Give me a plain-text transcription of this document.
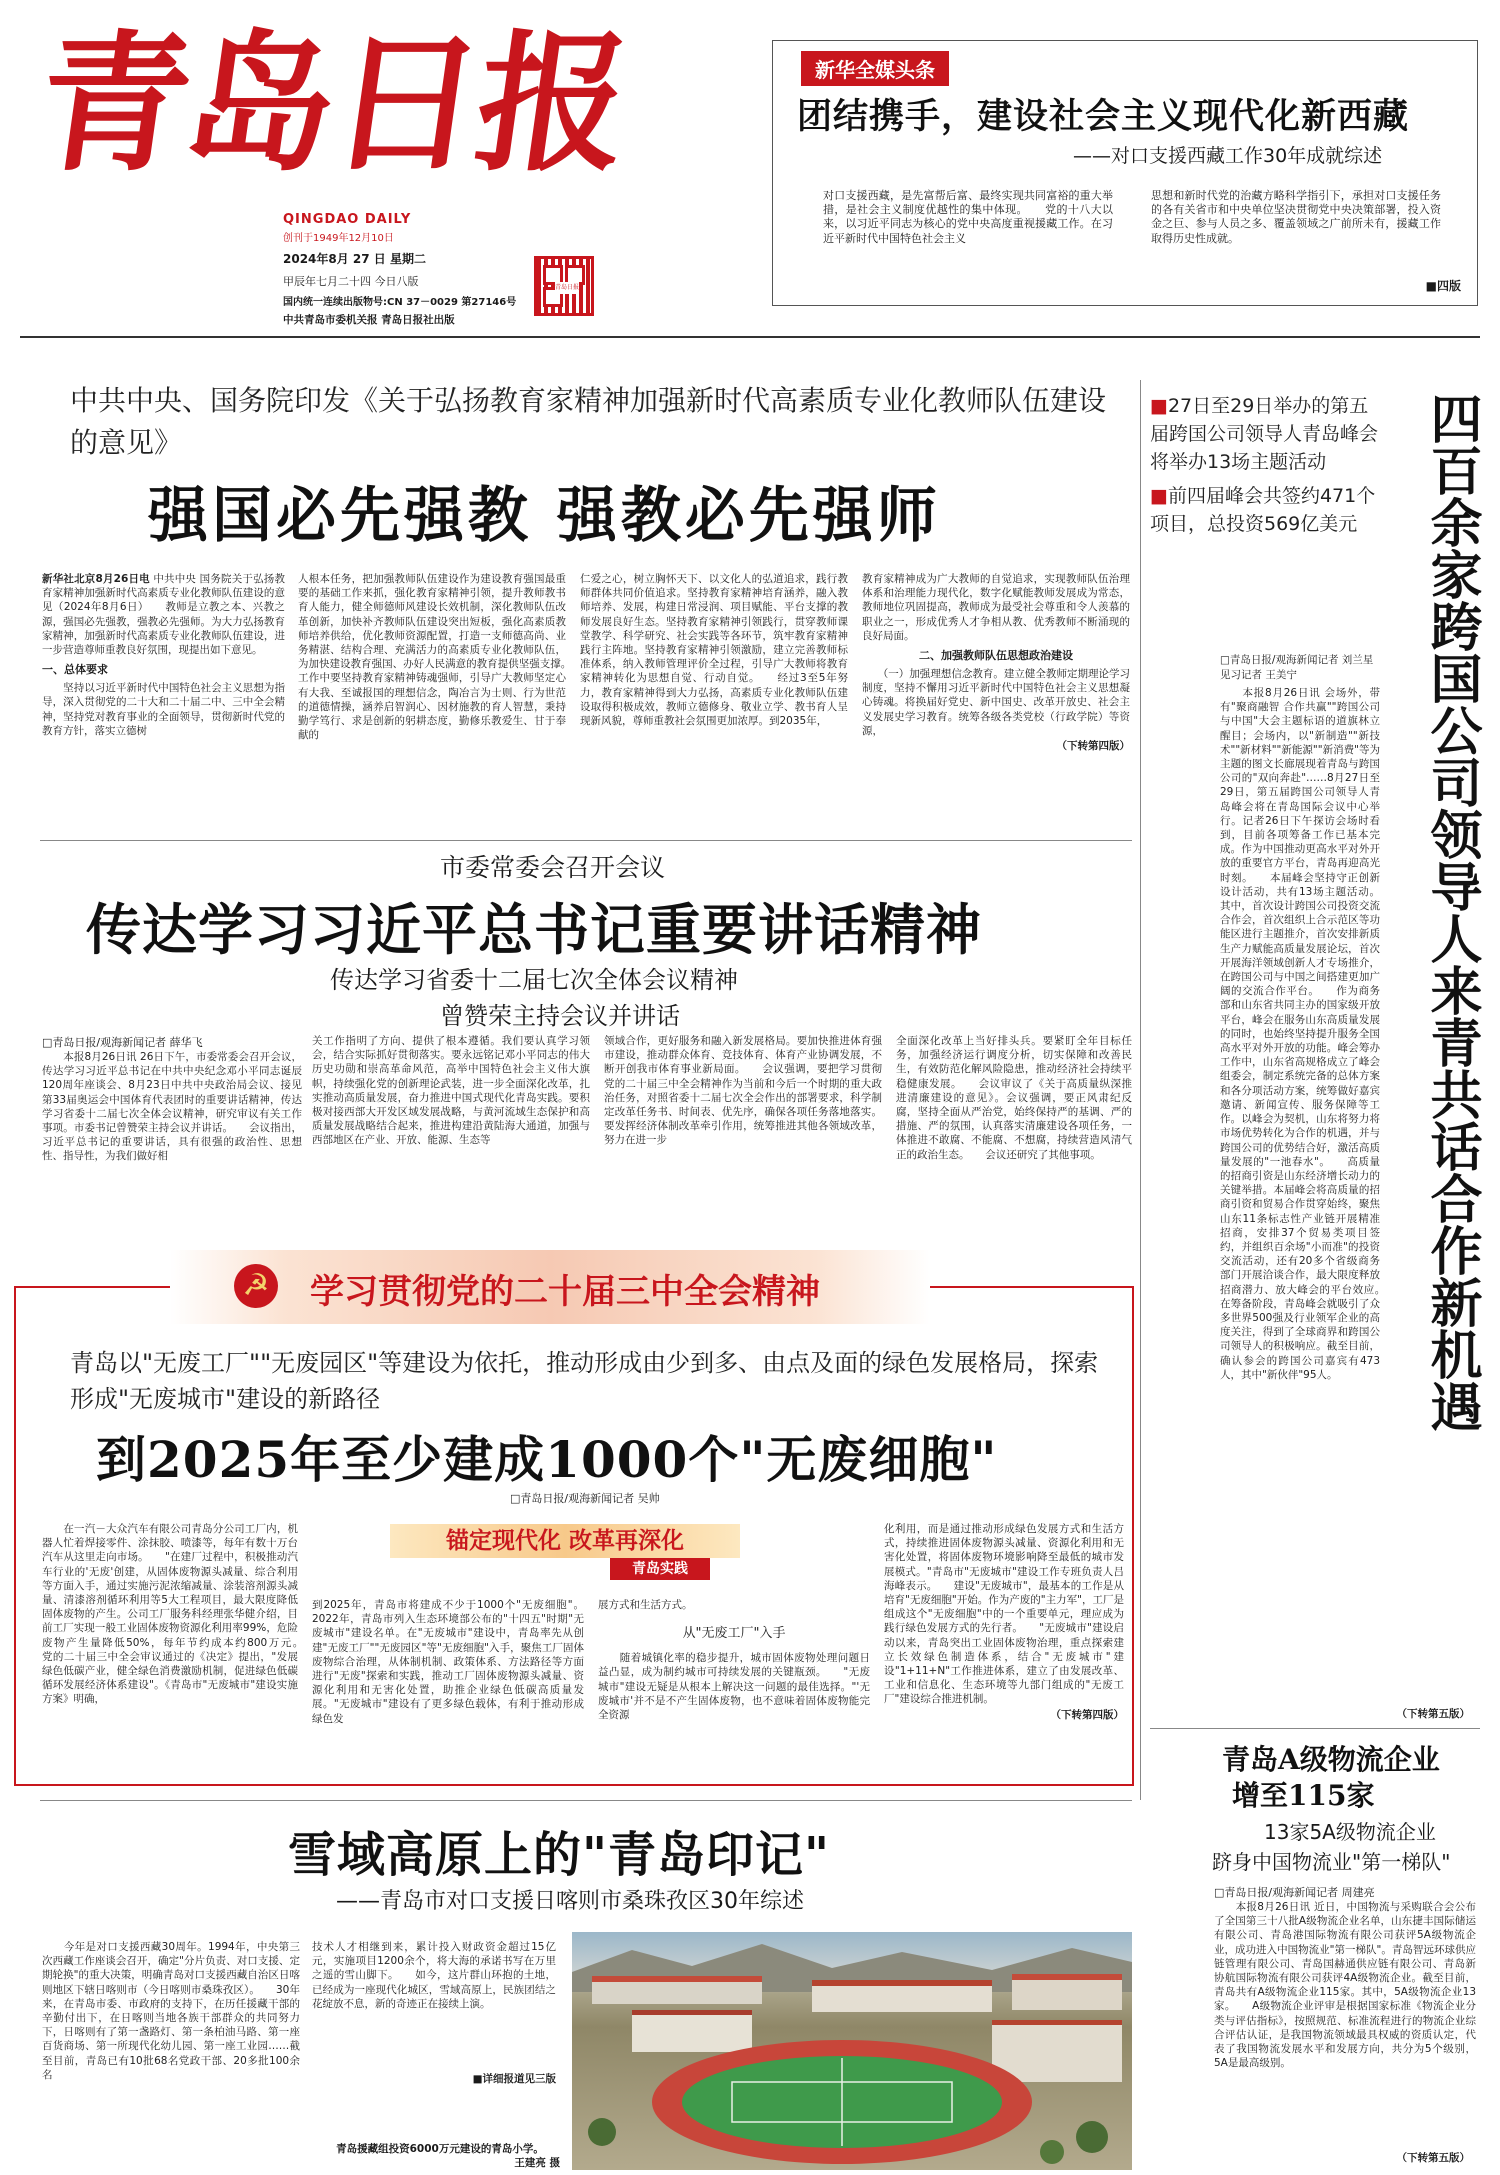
青岛日报
QINGDAO DAILY
创刊于1949年12月10日
2024年8月 27 日 星期二
甲辰年七月二十四 今日八版
国内统一连续出版物号:CN 37－0029 第27146号
中共青岛市委机关报 青岛日报社出版
青岛日报
新华全媒头条
团结携手，建设社会主义现代化新西藏
——对口支援西藏工作30年成就综述

对口支援西藏，是先富帮后富、最终实现共同富裕的重大举措，是社会主义制度优越性的集中体现。　　党的十八大以来，以习近平同志为核心的党中央高度重视援藏工作。在习近平新时代中国特色社会主义

思想和新时代党的治藏方略科学指引下，承担对口支援任务的各有关省市和中央单位坚决贯彻党中央决策部署，投入资金之巨、参与人员之多、覆盖领域之广前所未有，援藏工作取得历史性成就。

■四版
中共中央、国务院印发《关于弘扬教育家精神加强新时代高素质专业化教师队伍建设的意见》
强国必先强教 强教必先强师

新华社北京8月26日电 中共中央 国务院关于弘扬教育家精神加强新时代高素质专业化教师队伍建设的意见（2024年8月6日）　　教师是立教之本、兴教之源，强国必先强教，强教必先强师。为大力弘扬教育家精神，加强新时代高素质专业化教师队伍建设，进一步营造尊师重教良好氛围，现提出如下意见。

一、总体要求

　　坚持以习近平新时代中国特色社会主义思想为指导，深入贯彻党的二十大和二十届二中、三中全会精神，坚持党对教育事业的全面领导，贯彻新时代党的教育方针，落实立德树

人根本任务，把加强教师队伍建设作为建设教育强国最重要的基础工作来抓，强化教育家精神引领，提升教师教书育人能力，健全师德师风建设长效机制，深化教师队伍改革创新，加快补齐教师队伍建设突出短板，强化高素质教师培养供给，优化教师资源配置，打造一支师德高尚、业务精湛、结构合理、充满活力的高素质专业化教师队伍，为加快建设教育强国、办好人民满意的教育提供坚强支撑。　　工作中要坚持教育家精神铸魂强师，引导广大教师坚定心有大我、至诚报国的理想信念，陶冶言为士则、行为世范的道德情操，涵养启智润心、因材施教的育人智慧，秉持勤学笃行、求是创新的躬耕态度，勤修乐教爱生、甘于奉献的

仁爱之心，树立胸怀天下、以文化人的弘道追求，践行教师群体共同价值追求。坚持教育家精神培育涵养，融入教师培养、发展，构建日常浸润、项目赋能、平台支撑的教师发展良好生态。坚持教育家精神引领践行，贯穿教师课堂教学、科学研究、社会实践等各环节，筑牢教育家精神践行主阵地。坚持教育家精神引领激励，建立完善教师标准体系，纳入教师管理评价全过程，引导广大教师将教育家精神转化为思想自觉、行动自觉。　　经过3至5年努力，教育家精神得到大力弘扬，高素质专业化教师队伍建设取得积极成效，教师立德修身、敬业立学、教书育人呈现新风貌，尊师重教社会氛围更加浓厚。到2035年，

教育家精神成为广大教师的自觉追求，实现教师队伍治理体系和治理能力现代化，数字化赋能教师发展成为常态，教师地位巩固提高，教师成为最受社会尊重和令人羡慕的职业之一，形成优秀人才争相从教、优秀教师不断涌现的良好局面。

二、加强教师队伍思想政治建设

　　（一）加强理想信念教育。建立健全教师定期理论学习制度，坚持不懈用习近平新时代中国特色社会主义思想凝心铸魂。将换届好党史、新中国史、改革开放史、社会主义发展史学习教育。统筹各级各类党校（行政学院）等资源，

（下转第四版）
■27日至29日举办的第五届跨国公司领导人青岛峰会将举办13场主题活动
■前四届峰会共签约471个项目，总投资569亿美元	四百余家跨国公司领导人来青共话合作新机遇
□青岛日报/观海新闻记者 刘兰星 见习记者 王美宁

　　本报8月26日讯 会场外，带有"聚商融智 合作共赢""跨国公司与中国"大会主题标语的道旗林立醒目；会场内，以"新制造""新技术""新材料""新能源""新消费"等为主题的图文长廊展现着青岛与跨国公司的"双向奔赴"……8月27日至29日，第五届跨国公司领导人青岛峰会将在青岛国际会议中心举行。记者26日下午探访会场时看到，目前各项筹备工作已基本完成。作为中国推动更高水平对外开放的重要官方平台，青岛再迎高光时刻。　　本届峰会坚持守正创新设计活动，共有13场主题活动。其中，首次设计跨国公司投资交流合作会，首次组织上合示范区等功能区进行主题推介，首次安排新质生产力赋能高质量发展论坛，首次开展海洋领域创新人才专场推介，在跨国公司与中国之间搭建更加广阔的交流合作平台。　　作为商务部和山东省共同主办的国家级开放平台，峰会在服务山东高质量发展的同时，也始终坚持提升服务全国高水平对外开放的功能。峰会筹办工作中，山东省高规格成立了峰会组委会，制定系统完备的总体方案和各分项活动方案，统筹做好嘉宾邀请、新闻宣传、服务保障等工作。以峰会为契机，山东将努力将市场优势转化为合作的机遇，并与跨国公司的优势结合好，激活高质量发展的"一池春水"。　　高质量的招商引资是山东经济增长动力的关键举措。本届峰会将高质量的招商引资和贸易合作贯穿始终，聚焦山东11条标志性产业链开展精准招商，安排37个贸易类项目签约，并组织百余场"小而准"的投资交流活动，还有20多个省级商务部门开展洽谈合作，最大限度释放招商潜力、放大峰会的平台效应。　　在筹备阶段，青岛峰会就吸引了众多世界500强及行业领军企业的高度关注，得到了全球商界和跨国公司领导人的积极响应。截至目前，确认参会的跨国公司嘉宾有473人，其中"新伙伴"95人。

（下转第五版）
市委常委会召开会议
传达学习习近平总书记重要讲话精神
传达学习省委十二届七次全体会议精神
曾赞荣主持会议并讲话
□青岛日报/观海新闻记者 薛华飞

　　本报8月26日讯 26日下午，市委常委会召开会议，传达学习习近平总书记在中共中央纪念邓小平同志诞辰120周年座谈会、8月23日中共中央政治局会议、接见第33届奥运会中国体育代表团时的重要讲话精神，传达学习省委十二届七次全体会议精神，研究审议有关工作事项。市委书记曾赞荣主持会议并讲话。　　会议指出，习近平总书记的重要讲话，具有很强的政治性、思想性、指导性，为我们做好相

关工作指明了方向、提供了根本遵循。我们要认真学习领会，结合实际抓好贯彻落实。要永远铭记邓小平同志的伟大历史功勋和崇高革命风范，高举中国特色社会主义伟大旗帜，持续强化党的创新理论武装，进一步全面深化改革，扎实推动高质量发展，奋力推进中国式现代化青岛实践。要积极对接西部大开发区域发展战略，与黄河流域生态保护和高质量发展战略结合起来，推进构建沿黄陆海大通道，加强与西部地区在产业、开放、能源、生态等

领域合作，更好服务和融入新发展格局。要加快推进体育强市建设，推动群众体育、竞技体育、体育产业协调发展，不断开创我市体育事业新局面。　　会议强调，要把学习贯彻党的二十届三中全会精神作为当前和今后一个时期的重大政治任务，对照省委十二届七次全会作出的部署要求，科学制定改革任务书、时间表、优先序，确保各项任务落地落实。要发挥经济体制改革牵引作用，统筹推进其他各领域改革，努力在进一步

全面深化改革上当好排头兵。要紧盯全年目标任务，加强经济运行调度分析，切实保障和改善民生，有效防范化解风险隐患，推动经济社会持续平稳健康发展。　　会议审议了《关于高质量纵深推进清廉建设的意见》。会议强调，要正风肃纪反腐，坚持全面从严治党，始终保持严的基调、严的措施、严的氛围，认真落实清廉建设各项任务，一体推进不敢腐、不能腐、不想腐，持续营造风清气正的政治生态。　　会议还研究了其他事项。

☭ 学习贯彻党的二十届三中全会精神
青岛以"无废工厂""无废园区"等建设为依托，推动形成由少到多、由点及面的绿色发展格局，探索形成"无废城市"建设的新路径
到2025年至少建成1000个"无废细胞"
□青岛日报/观海新闻记者 吴帅

　　在一汽－大众汽车有限公司青岛分公司工厂内，机器人忙着焊接零件、涂抹胶、喷漆等，每年有数十万台汽车从这里走向市场。　　"在建厂过程中，积极推动汽车行业的'无废'创建，从固体废物源头减量、综合利用等方面入手，通过实施污泥浓缩减量、涂装溶剂源头减量、清漆溶剂循环利用等5大工程项目，最大限度降低固体废物的产生。公司工厂服务科经理张华健介绍，目前工厂实现一般工业固体废物资源化利用率99%，危险废物产生量降低50%，每年节约成本约800万元。　　党的二十届三中全会审议通过的《决定》提出，"发展绿色低碳产业，健全绿色消费激励机制，促进绿色低碳循环发展经济体系建设"。《青岛市"无废城市"建设实施方案》明确，

锚定现代化 改革再深化
青岛实践

到2025年，青岛市将建成不少于1000个"无废细胞"。2022年，青岛市列入生态环境部公布的"十四五"时期"无废城市"建设名单。在"无废城市"建设中，青岛率先从创建"无废工厂""无废园区"等"无废细胞"入手，聚焦工厂固体废物综合治理，从体制机制、政策体系、方法路径等方面进行"无废"探索和实践，推动工厂固体废物源头减量、资源化利用和无害化处置，助推企业绿色低碳高质量发展。"无废城市"建设有了更多绿色载体，有利于推动形成绿色发

展方式和生活方式。

从"无废工厂"入手

　　随着城镇化率的稳步提升，城市固体废物处理问题日益凸显，成为制约城市可持续发展的关键瓶颈。　　"无废城市"建设无疑是从根本上解决这一问题的最佳选择。"'无废城市'并不是不产生固体废物，也不意味着固体废物能完全资源

化利用，而是通过推动形成绿色发展方式和生活方式，持续推进固体废物源头减量、资源化利用和无害化处置，将固体废物环境影响降至最低的城市发展模式。"青岛市"无废城市"建设工作专班负责人吕海峰表示。　　建设"无废城市"，最基本的工作是从培育"无废细胞"开始。作为产废的"主力军"，工厂是组成这个"无废细胞"中的一个重要单元，理应成为践行绿色发展方式的先行者。　　"无废城市"建设启动以来，青岛突出工业固体废物治理，重点探索建立长效绿色制造体系，结合"无废城市"建设"1+11+N"工作推进体系，建立了由发展改革、工业和信息化、生态环境等九部门组成的"无废工厂"建设综合推进机制。

（下转第四版）
青岛A级物流企业
增至115家
13家5A级物流企业
跻身中国物流业"第一梯队"
□青岛日报/观海新闻记者 周建亮

　　本报8月26日讯 近日，中国物流与采购联合会公布了全国第三十八批A级物流企业名单，山东捷丰国际储运有限公司、青岛港国际物流有限公司获评5A级物流企业，成功进入中国物流业"第一梯队"。青岛智远环球供应链管理有限公司、青岛国赫通供应链有限公司、青岛新协航国际物流有限公司获评4A级物流企业。截至目前，青岛共有A级物流企业115家。其中，5A级物流企业13家。　　A级物流企业评审是根据国家标准《物流企业分类与评估指标》，按照规范、标准流程进行的物流企业综合评估认证，是我国物流领域最具权威的资质认定，代表了我国物流发展水平和发展方向，共分为5个级别，5A是最高级别。

（下转第五版）
雪域高原上的"青岛印记"
——青岛市对口支援日喀则市桑珠孜区30年综述

　　今年是对口支援西藏30周年。1994年，中央第三次西藏工作座谈会召开，确定"分片负责、对口支援、定期轮换"的重大决策，明确青岛对口支援西藏自治区日喀则地区下辖日喀则市（今日喀则市桑珠孜区）。　　30年来，在青岛市委、市政府的支持下，在历任援藏干部的辛勤付出下，在日喀则当地各族干部群众的共同努力下，日喀则有了第一盏路灯、第一条柏油马路、第一座百货商场、第一所现代化幼儿园、第一座工业园……截至目前，青岛已有10批68名党政干部、20多批100余名

技术人才相继到来，累计投入财政资金超过15亿元，实施项目1200余个，将大海的承诺书写在万里之遥的雪山脚下。　　如今，这片群山环抱的土地，已经成为一座现代化城区，雪域高原上，民族团结之花绽放不息，新的奇迹正在接续上演。

■详细报道见三版
青岛援藏组投资6000万元建设的青岛小学。
王建亮 摄
